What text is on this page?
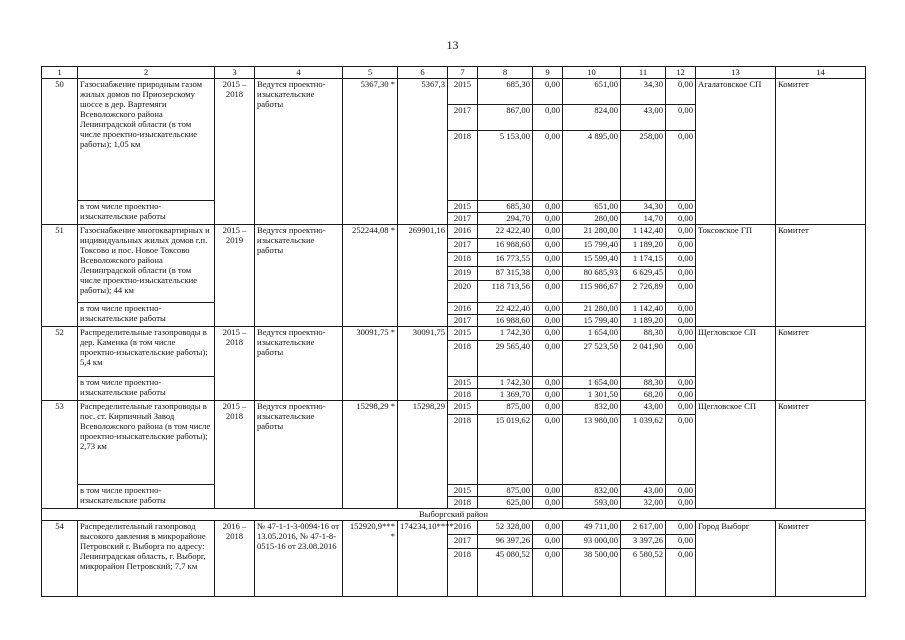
13
1	2	3	4	5	6	7	8	9	10	11	12	13	14
50	Газоснабжение природным газом жилых домов по Приозерскому шоссе в дер. Вартемяги Всеволожского района Ленинградской области (в том числе проектно-изыскательские работы); 1,05 км	2015 – 2018	Ведутся проектно-изыскательские работы	5367,30 *	5367,3	2015	685,30	0,00	651,00	34,30	0,00	Агалатовское СП	Комитет
						2017	867,00	0,00	824,00	43,00	0,00		
						2018	5 153,00	0,00	4 895,00	258,00	0,00		
	в том числе проектно-изыскательские работы					2015	685,30	0,00	651,00	34,30	0,00		
						2017	294,70	0,00	280,00	14,70	0,00		
51	Газоснабжение многоквартирных и индивидуальных жилых домов г.п. Токсово и пос. Новое Токсово Всеволожского района Ленинградской области (в том числе проектно-изыскательские работы); 44 км	2015 – 2019	Ведутся проектно-изыскательские работы	252244,08 *	269901,16	2016	22 422,40	0,00	21 280,00	1 142,40	0,00	Токсовское ГП	Комитет
						2017	16 988,60	0,00	15 799,40	1 189,20	0,00		
						2018	16 773,55	0,00	15 599,40	1 174,15	0,00		
						2019	87 315,38	0,00	80 685,93	6 629,45	0,00		
						2020	118 713,56	0,00	115 986,67	2 726,89	0,00		
	в том числе проектно-изыскательские работы					2016	22 422,40	0,00	21 280,00	1 142,40	0,00		
						2017	16 988,60	0,00	15 799,40	1 189,20	0,00		
52	Распределительные газопроводы в дер. Каменка (в том числе проектно-изыскательские работы); 5,4 км	2015 – 2018	Ведутся проектно-изыскательские работы	30091,75 *	30091,75	2015	1 742,30	0,00	1 654,00	88,30	0,00	Щегловское СП	Комитет
						2018	29 565,40	0,00	27 523,50	2 041,90	0,00		
	в том числе проектно-изыскательские работы					2015	1 742,30	0,00	1 654,00	88,30	0,00		
						2018	1 369,70	0,00	1 301,50	68,20	0,00		
53	Распределительные газопроводы в пос. ст. Кирпичный Завод Всеволожского района (в том числе проектно-изыскательские работы); 2,73 км	2015 – 2018	Ведутся проектно-изыскательские работы	15298,29 *	15298,29	2015	875,00	0,00	832,00	43,00	0,00	Щегловское СП	Комитет
						2018	15 019,62	0,00	13 980,00	1 039,62	0,00		
	в том числе проектно-изыскательские работы					2015	875,00	0,00	832,00	43,00	0,00		
						2018	625,00	0,00	593,00	32,00	0,00		
Выборгский район													
54	Распределительный газопровод высокого давления в микрорайоне Петровский г. Выборга по адресу: Ленинградская область, г. Выборг, микрорайон Петровский; 7,7 км	2016 – 2018	№ 47-1-1-3-0094-16 от 13.05.2016, № 47-1-8-0515-16 от 23.08.2016	152920,9*** *	174234,10****	2016	52 328,00	0,00	49 711,00	2 617,00	0,00	Город Выборг	Комитет
						2017	96 397,26	0,00	93 000,00	3 397,26	0,00		
						2018	45 080,52	0,00	38 500,00	6 580,52	0,00		
